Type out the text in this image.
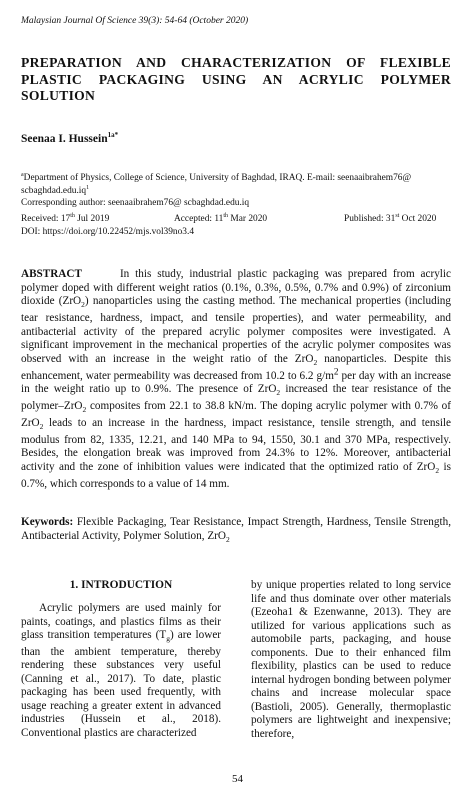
Malaysian Journal Of Science 39(3): 54-64 (October 2020)
PREPARATION AND CHARACTERIZATION OF FLEXIBLE PLASTIC PACKAGING USING AN ACRYLIC POLYMER SOLUTION
Seenaa I. Hussein$^{1a*}$
$^a$Department of Physics, College of Science, University of Baghdad, IRAQ. E-mail: seenaaibrahem76@ $scbaghdad.edu.iq^1$
Corresponding author: seenaaibrahem76@ scbaghdad.edu.iq
Received: 17th Jul 2019	Accepted: 11th Mar 2020	Published: 31st Oct 2020
DOI: https://doi.org/10.22452/mjs.vol39no3.4
ABSTRACT	In this study, industrial plastic packaging was prepared from acrylic polymer doped with different weight ratios (0.1%, 0.3%, 0.5%, 0.7% and 0.9%) of zirconium dioxide (ZrO$_2$) nanoparticles using the casting method. The mechanical properties (including tear resistance, hardness, impact, and tensile properties), and water permeability, and antibacterial activity of the prepared acrylic polymer composites were investigated. A significant improvement in the mechanical properties of the acrylic polymer composites was observed with an increase in the weight ratio of the ZrO$_2$ nanoparticles. Despite this enhancement, water permeability was decreased from 10.2 to 6.2 $g/m^2$ per day with an increase in the weight ratio up to 0.9%. The presence of ZrO$_2$ increased the tear resistance of the polymer–ZrO$_2$ composites from 22.1 to 38.8 kN/m. The doping acrylic polymer with 0.7% of ZrO$_2$ leads to an increase in the hardness, impact resistance, tensile strength, and tensile modulus from 82, 1335, 12.21, and 140 MPa to 94, 1550, 30.1 and 370 MPa, respectively. Besides, the elongation break was improved from 24.3% to 12%. Moreover, antibacterial activity and the zone of inhibition values were indicated that the optimized ratio of ZrO$_2$ is 0.7%, which corresponds to a value of 14 mm.
Keywords: Flexible Packaging, Tear Resistance, Impact Strength, Hardness, Tensile Strength, Antibacterial Activity, Polymer Solution, ZrO$_2$
1. INTRODUCTION
Acrylic polymers are used mainly for paints, coatings, and plastics films as their glass transition temperatures $(T_g)$ are lower than the ambient temperature, thereby rendering these substances very useful (Canning et al., 2017). To date, plastic packaging has been used frequently, with usage reaching a greater extent in advanced industries (Hussein et al., 2018). Conventional plastics are characterized
by unique properties related to long service life and thus dominate over other materials (Ezeoha1 & Ezenwanne, 2013). They are utilized for various applications such as automobile parts, packaging, and house components. Due to their enhanced film flexibility, plastics can be used to reduce internal hydrogen bonding between polymer chains and increase molecular space (Bastioli, 2005). Generally, thermoplastic polymers are lightweight and inexpensive; therefore,
54
